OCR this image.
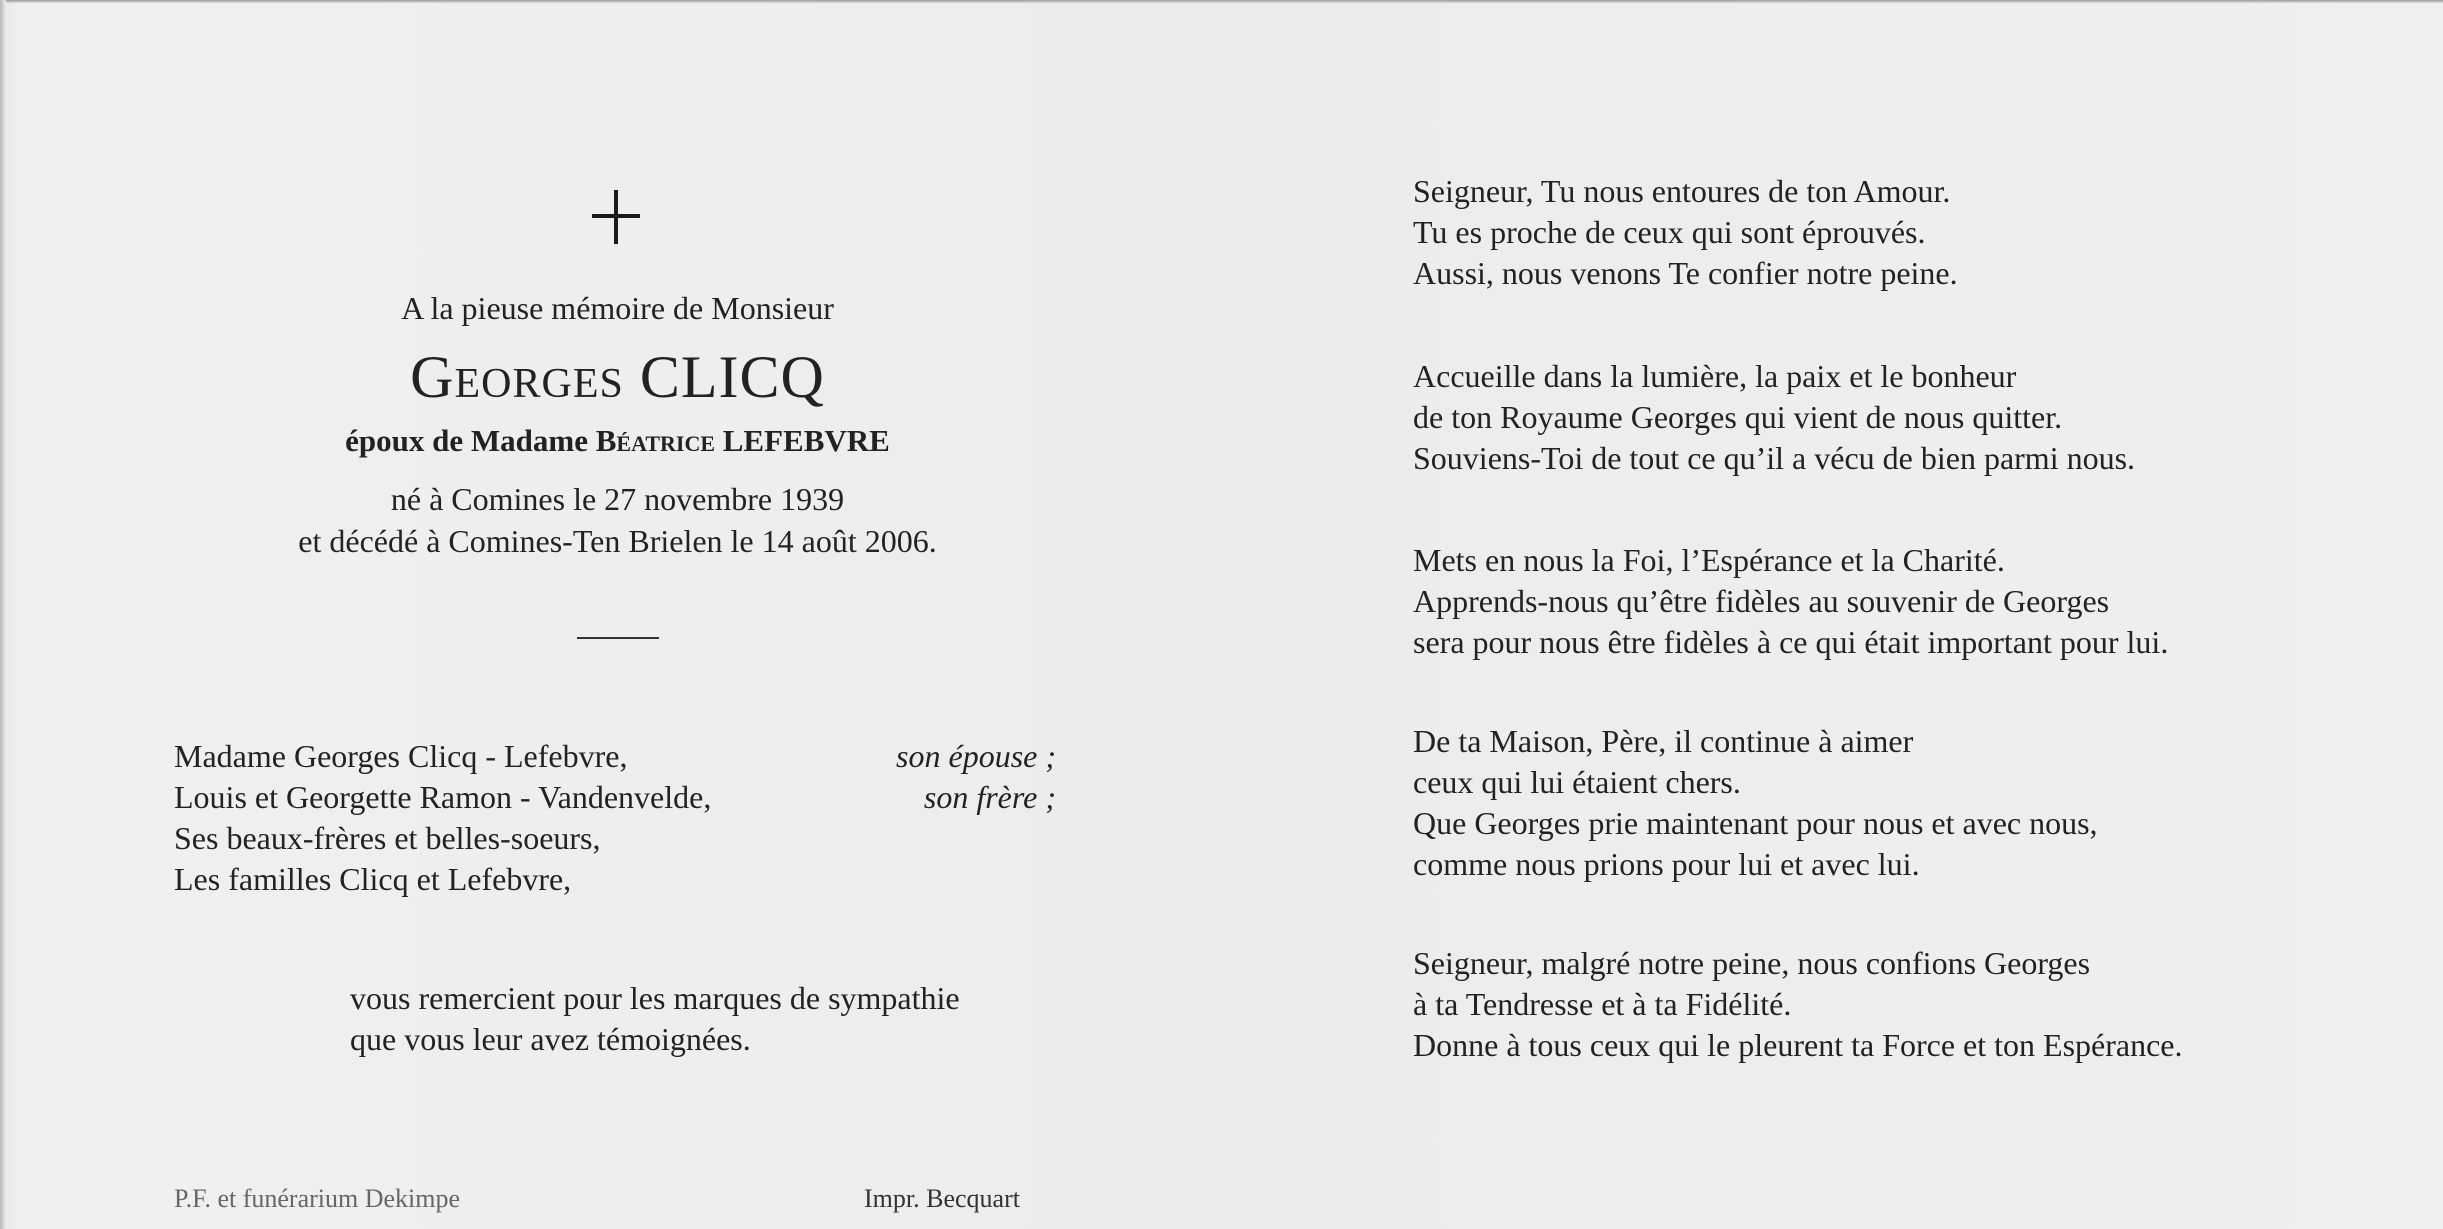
A la pieuse mémoire de Monsieur
Georges CLICQ
époux de Madame Béatrice LEFEBVRE
né à Comines le 27 novembre 1939
et décédé à Comines-Ten Brielen le 14 août 2006.
Madame Georges Clicq - Lefebvre,	son épouse ;
Louis et Georgette Ramon - Vandenvelde,	son frère ;
Ses beaux-frères et belles-soeurs,
Les familles Clicq et Lefebvre,
vous remercient pour les marques de sympathie
que vous leur avez témoignées.
P.F. et funérarium Dekimpe	Impr. Becquart
Seigneur, Tu nous entoures de ton Amour.
Tu es proche de ceux qui sont éprouvés.
Aussi, nous venons Te confier notre peine.
Accueille dans la lumière, la paix et le bonheur
de ton Royaume Georges qui vient de nous quitter.
Souviens-Toi de tout ce qu’il a vécu de bien parmi nous.
Mets en nous la Foi, l’Espérance et la Charité.
Apprends-nous qu’être fidèles au souvenir de Georges
sera pour nous être fidèles à ce qui était important pour lui.
De ta Maison, Père, il continue à aimer
ceux qui lui étaient chers.
Que Georges prie maintenant pour nous et avec nous,
comme nous prions pour lui et avec lui.
Seigneur, malgré notre peine, nous confions Georges
à ta Tendresse et à ta Fidélité.
Donne à tous ceux qui le pleurent ta Force et ton Espérance.
